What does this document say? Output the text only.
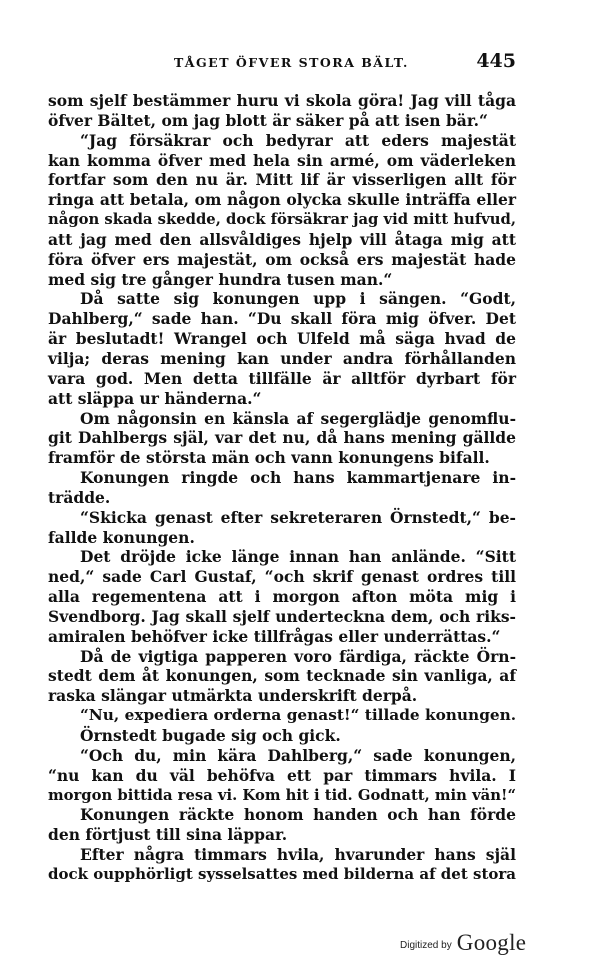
TÅGET ÖFVER STORA BÄLT.	445
som sjelf bestämmer huru vi skola göra! Jag vill tåga
öfver Bältet, om jag blott är säker på att isen bär.“
“Jag försäkrar och bedyrar att eders majestät
kan komma öfver med hela sin armé, om väderleken
fortfar som den nu är. Mitt lif är visserligen allt för
ringa att betala, om någon olycka skulle inträffa eller
någon skada skedde, dock försäkrar jag vid mitt hufvud,
att jag med den allsvåldiges hjelp vill åtaga mig att
föra öfver ers majestät, om också ers majestät hade
med sig tre gånger hundra tusen man.“
Då satte sig konungen upp i sängen. “Godt,
Dahlberg,“ sade han. “Du skall föra mig öfver. Det
är beslutadt! Wrangel och Ulfeld må säga hvad de
vilja; deras mening kan under andra förhållanden
vara god. Men detta tillfälle är alltför dyrbart för
att släppa ur händerna.“
Om någonsin en känsla af segerglädje genomflu-
git Dahlbergs själ, var det nu, då hans mening gällde
framför de största män och vann konungens bifall.
Konungen ringde och hans kammartjenare in-
trädde.
“Skicka genast efter sekreteraren Örnstedt,“ be-
fallde konungen.
Det dröjde icke länge innan han anlände. “Sitt
ned,“ sade Carl Gustaf, “och skrif genast ordres till
alla regementena att i morgon afton möta mig i
Svendborg. Jag skall sjelf underteckna dem, och riks-
amiralen behöfver icke tillfrågas eller underrättas.“
Då de vigtiga papperen voro färdiga, räckte Örn-
stedt dem åt konungen, som tecknade sin vanliga, af
raska slängar utmärkta underskrift derpå.
“Nu, expediera orderna genast!“ tillade konungen.
Örnstedt bugade sig och gick.
“Och du, min kära Dahlberg,“ sade konungen,
“nu kan du väl behöfva ett par timmars hvila. I
morgon bittida resa vi. Kom hit i tid. Godnatt, min vän!“
Konungen räckte honom handen och han förde
den förtjust till sina läppar.
Efter några timmars hvila, hvarunder hans själ
dock oupphörligt sysselsattes med bilderna af det stora
Digitized by Google
